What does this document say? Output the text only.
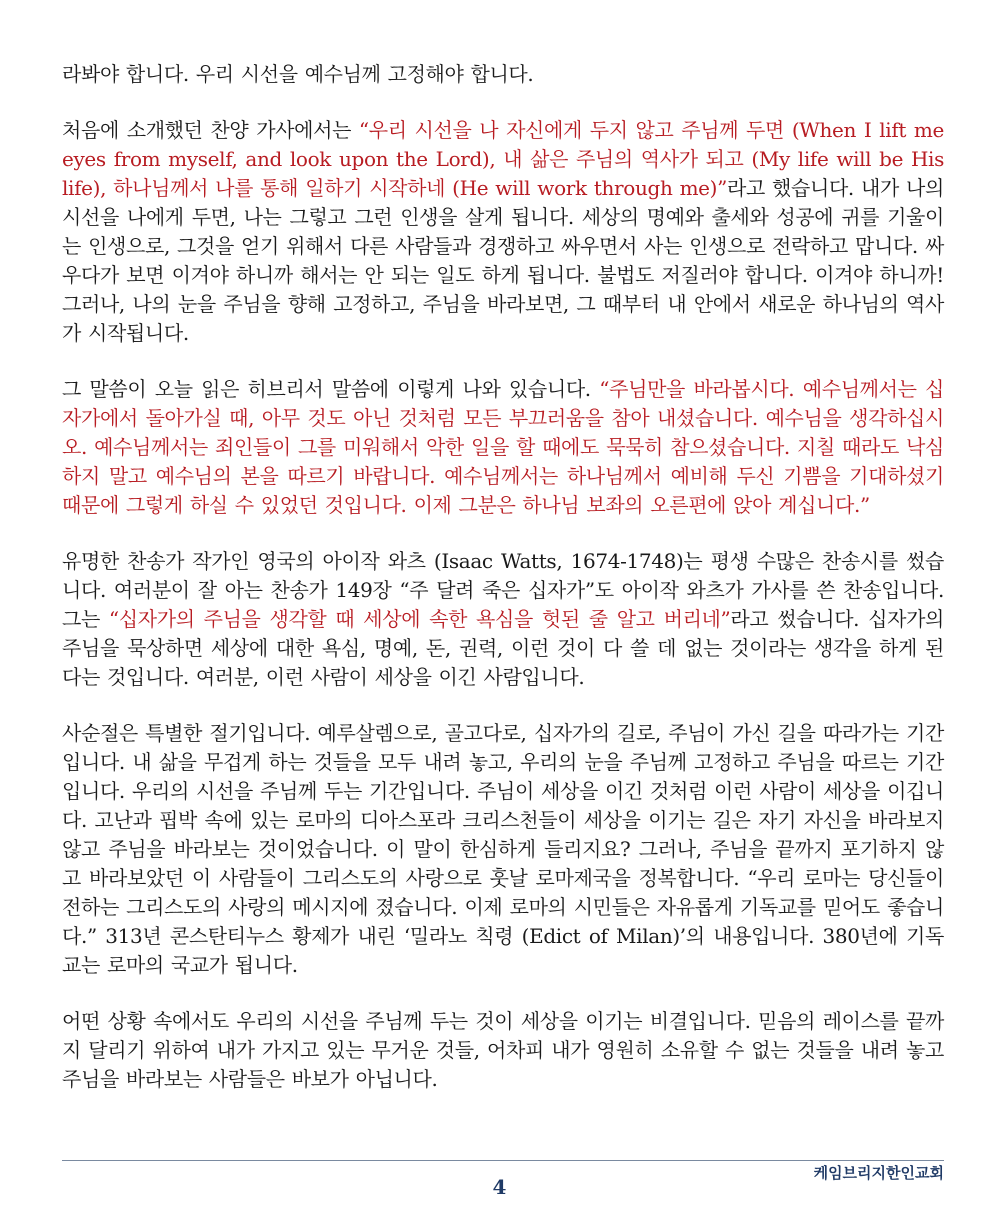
라봐야 합니다. 우리 시선을 예수님께 고정해야 합니다.

처음에 소개했던 찬양 가사에서는 “우리 시선을 나 자신에게 두지 않고 주님께 두면 (When I lift me eyes from myself, and look upon the Lord), 내 삶은 주님의 역사가 되고 (My life will be His life), 하나님께서 나를 통해 일하기 시작하네 (He will work through me)”라고 했습니다. 내가 나의 시선을 나에게 두면, 나는 그렇고 그런 인생을 살게 됩니다. 세상의 명예와 출세와 성공에 귀를 기울이는 인생으로, 그것을 얻기 위해서 다른 사람들과 경쟁하고 싸우면서 사는 인생으로 전락하고 맙니다. 싸우다가 보면 이겨야 하니까 해서는 안 되는 일도 하게 됩니다. 불법도 저질러야 합니다. 이겨야 하니까! 그러나, 나의 눈을 주님을 향해 고정하고, 주님을 바라보면, 그 때부터 내 안에서 새로운 하나님의 역사가 시작됩니다.

그 말씀이 오늘 읽은 히브리서 말씀에 이렇게 나와 있습니다. “주님만을 바라봅시다. 예수님께서는 십자가에서 돌아가실 때, 아무 것도 아닌 것처럼 모든 부끄러움을 참아 내셨습니다. 예수님을 생각하십시오. 예수님께서는 죄인들이 그를 미워해서 악한 일을 할 때에도 묵묵히 참으셨습니다. 지칠 때라도 낙심하지 말고 예수님의 본을 따르기 바랍니다. 예수님께서는 하나님께서 예비해 두신 기쁨을 기대하셨기 때문에 그렇게 하실 수 있었던 것입니다. 이제 그분은 하나님 보좌의 오른편에 앉아 계십니다.”

유명한 찬송가 작가인 영국의 아이작 와츠 (Isaac Watts, 1674-1748)는 평생 수많은 찬송시를 썼습니다. 여러분이 잘 아는 찬송가 149장 “주 달려 죽은 십자가”도 아이작 와츠가 가사를 쓴 찬송입니다. 그는 “십자가의 주님을 생각할 때 세상에 속한 욕심을 헛된 줄 알고 버리네”라고 썼습니다. 십자가의 주님을 묵상하면 세상에 대한 욕심, 명예, 돈, 권력, 이런 것이 다 쓸 데 없는 것이라는 생각을 하게 된다는 것입니다. 여러분, 이런 사람이 세상을 이긴 사람입니다.

사순절은 특별한 절기입니다. 예루살렘으로, 골고다로, 십자가의 길로, 주님이 가신 길을 따라가는 기간입니다. 내 삶을 무겁게 하는 것들을 모두 내려 놓고, 우리의 눈을 주님께 고정하고 주님을 따르는 기간입니다. 우리의 시선을 주님께 두는 기간입니다. 주님이 세상을 이긴 것처럼 이런 사람이 세상을 이깁니다. 고난과 핍박 속에 있는 로마의 디아스포라 크리스천들이 세상을 이기는 길은 자기 자신을 바라보지 않고 주님을 바라보는 것이었습니다. 이 말이 한심하게 들리지요? 그러나, 주님을 끝까지 포기하지 않고 바라보았던 이 사람들이 그리스도의 사랑으로 훗날 로마제국을 정복합니다. “우리 로마는 당신들이 전하는 그리스도의 사랑의 메시지에 졌습니다. 이제 로마의 시민들은 자유롭게 기독교를 믿어도 좋습니다.” 313년 콘스탄티누스 황제가 내린 ‘밀라노 칙령 (Edict of Milan)’의 내용입니다. 380년에 기독교는 로마의 국교가 됩니다.

어떤 상황 속에서도 우리의 시선을 주님께 두는 것이 세상을 이기는 비결입니다. 믿음의 레이스를 끝까지 달리기 위하여 내가 가지고 있는 무거운 것들, 어차피 내가 영원히 소유할 수 없는 것들을 내려 놓고 주님을 바라보는 사람들은 바보가 아닙니다.

케임브리지한인교회
4
